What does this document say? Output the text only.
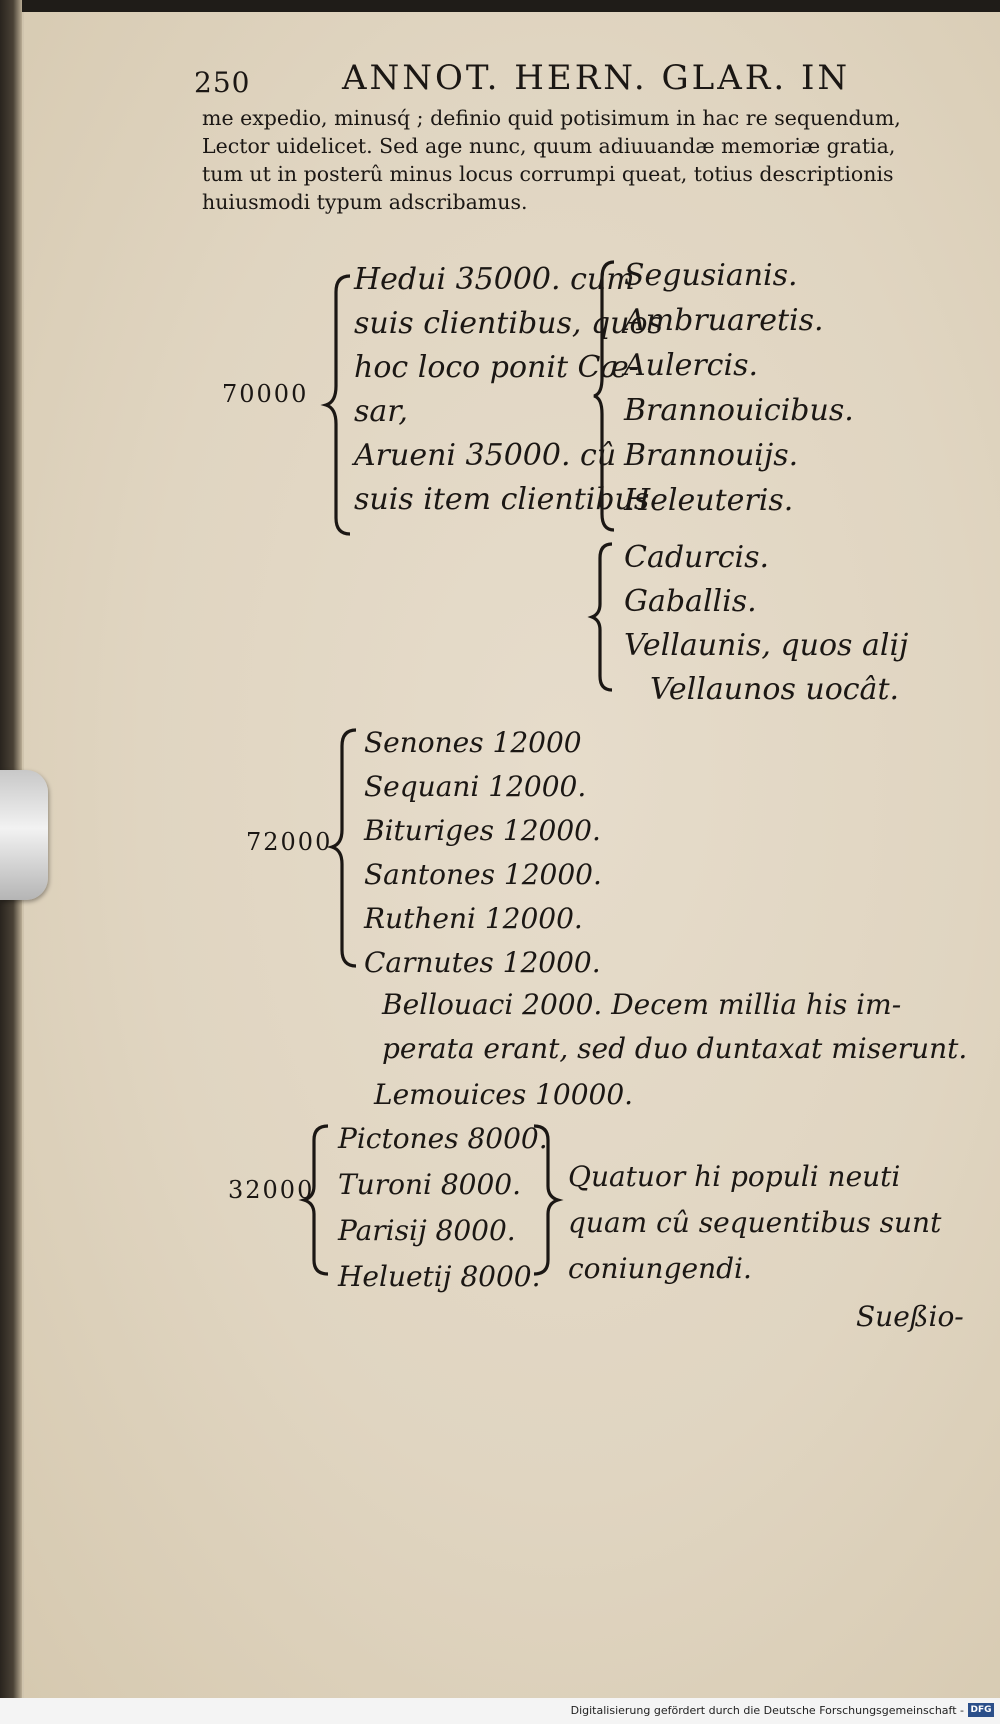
250	ANNOT. HERN. GLAR. IN
me expedio, minusq́ ; definio quid potisimum in hac re sequendum,
Lector uidelicet. Sed age nunc, quum adiuuandæ memoriæ gratia,
tum ut in posterû minus locus corrumpi queat, totius descriptionis
huiusmodi typum adscribamus.
70000
Hedui 35000. cum
suis clientibus, quos
hoc loco ponit Cæ-
sar,
Arueni 35000. cû
suis item clientibus
Segusianis.
Ambruaretis.
Aulercis.
Brannouicibus.
Brannouijs.
Heleuteris.
Cadurcis.
Gaballis.
Vellaunis, quos alij
Vellaunos uocât.
72000
Senones 12000
Sequani 12000.
Bituriges 12000.
Santones 12000.
Rutheni 12000.
Carnutes 12000.
Bellouaci 2000. Decem millia his im-
perata erant, sed duo duntaxat miserunt.
Lemouices 10000.
32000
Pictones 8000.
Turoni 8000.
Parisij 8000.
Heluetij 8000.
Quatuor hi populi neuti
quam cû sequentibus sunt
coniungendi.
Sueßio-
Digitalisierung gefördert durch die Deutsche Forschungsgemeinschaft - DFG
